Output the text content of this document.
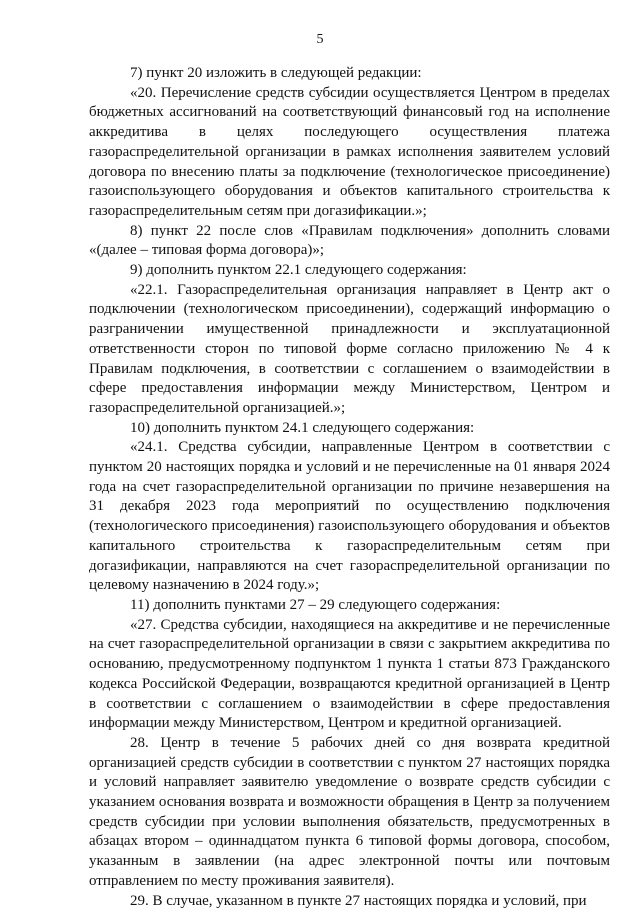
5

7) пункт 20 изложить в следующей редакции:

«20. Перечисление средств субсидии осуществляется Центром в пределах бюджетных ассигнований на соответствующий финансовый год на исполнение аккредитива в целях последующего осуществления платежа газораспределительной организации в рамках исполнения заявителем условий договора по внесению платы за подключение (технологическое присоединение) газоиспользующего оборудования и объектов капитального строительства к газораспределительным сетям при догазификации.»;

8) пункт 22 после слов «Правилам подключения» дополнить словами «(далее – типовая форма договора)»;

9) дополнить пунктом 22.1 следующего содержания:

«22.1. Газораспределительная организация направляет в Центр акт о подключении (технологическом присоединении), содержащий информацию о разграничении имущественной принадлежности и эксплуатационной ответственности сторон по типовой форме согласно приложению № 4 к Правилам подключения, в соответствии с соглашением о взаимодействии в сфере предоставления информации между Министерством, Центром и газораспределительной организацией.»;

10) дополнить пунктом 24.1 следующего содержания:

«24.1. Средства субсидии, направленные Центром в соответствии с пунктом 20 настоящих порядка и условий и не перечисленные на 01 января 2024 года на счет газораспределительной организации по причине незавершения на 31 декабря 2023 года мероприятий по осуществлению подключения (технологического присоединения) газоиспользующего оборудования и объектов капитального строительства к газораспределительным сетям при догазификации, направляются на счет газораспределительной организации по целевому назначению в 2024 году.»;

11) дополнить пунктами 27 – 29 следующего содержания:

«27. Средства субсидии, находящиеся на аккредитиве и не перечисленные на счет газораспределительной организации в связи с закрытием аккредитива по основанию, предусмотренному подпунктом 1 пункта 1 статьи 873 Гражданского кодекса Российской Федерации, возвращаются кредитной организацией в Центр в соответствии с соглашением о взаимодействии в сфере предоставления информации между Министерством, Центром и кредитной организацией.

28. Центр в течение 5 рабочих дней со дня возврата кредитной организацией средств субсидии в соответствии с пунктом 27 настоящих порядка и условий направляет заявителю уведомление о возврате средств субсидии с указанием основания возврата и возможности обращения в Центр за получением средств субсидии при условии выполнения обязательств, предусмотренных в абзацах втором – одиннадцатом пункта 6 типовой формы договора, способом, указанным в заявлении (на адрес электронной почты или почтовым отправлением по месту проживания заявителя).

29. В случае, указанном в пункте 27 настоящих порядка и условий, при
